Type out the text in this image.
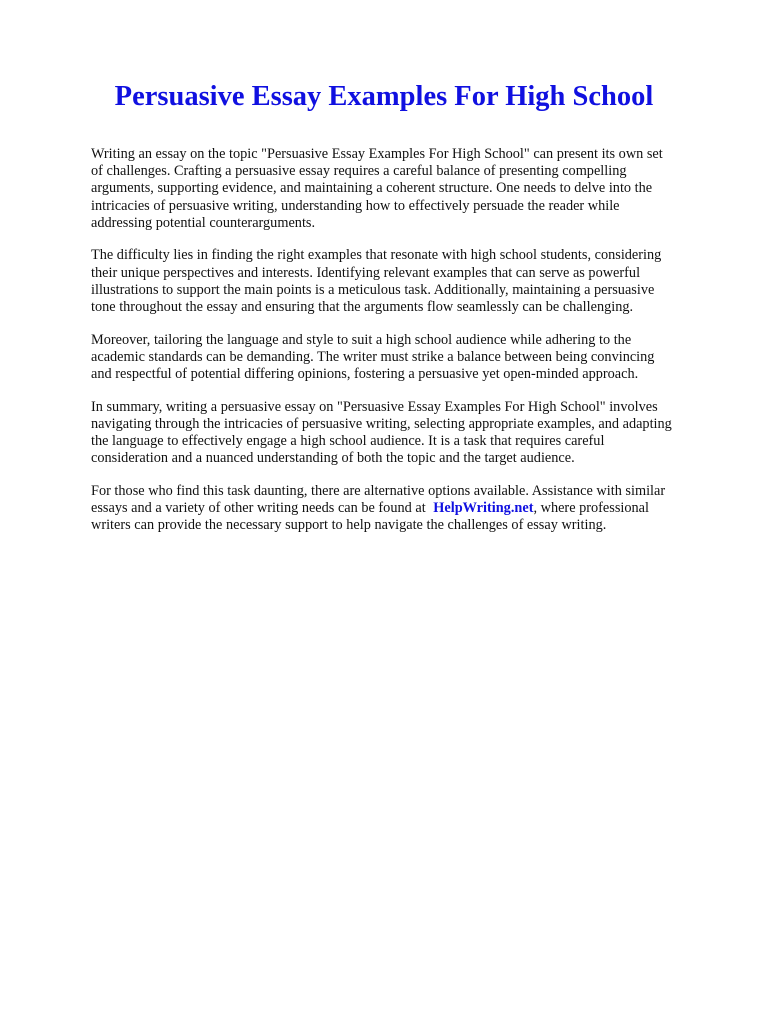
Persuasive Essay Examples For High School

Writing an essay on the topic "Persuasive Essay Examples For High School" can present its own set
of challenges. Crafting a persuasive essay requires a careful balance of presenting compelling
arguments, supporting evidence, and maintaining a coherent structure. One needs to delve into the
intricacies of persuasive writing, understanding how to effectively persuade the reader while
addressing potential counterarguments.

The difficulty lies in finding the right examples that resonate with high school students, considering
their unique perspectives and interests. Identifying relevant examples that can serve as powerful
illustrations to support the main points is a meticulous task. Additionally, maintaining a persuasive
tone throughout the essay and ensuring that the arguments flow seamlessly can be challenging.

Moreover, tailoring the language and style to suit a high school audience while adhering to the
academic standards can be demanding. The writer must strike a balance between being convincing
and respectful of potential differing opinions, fostering a persuasive yet open-minded approach.

In summary, writing a persuasive essay on "Persuasive Essay Examples For High School" involves
navigating through the intricacies of persuasive writing, selecting appropriate examples, and adapting
the language to effectively engage a high school audience. It is a task that requires careful
consideration and a nuanced understanding of both the topic and the target audience.

For those who find this task daunting, there are alternative options available. Assistance with similar
essays and a variety of other writing needs can be found at HelpWriting.net, where professional
writers can provide the necessary support to help navigate the challenges of essay writing.
